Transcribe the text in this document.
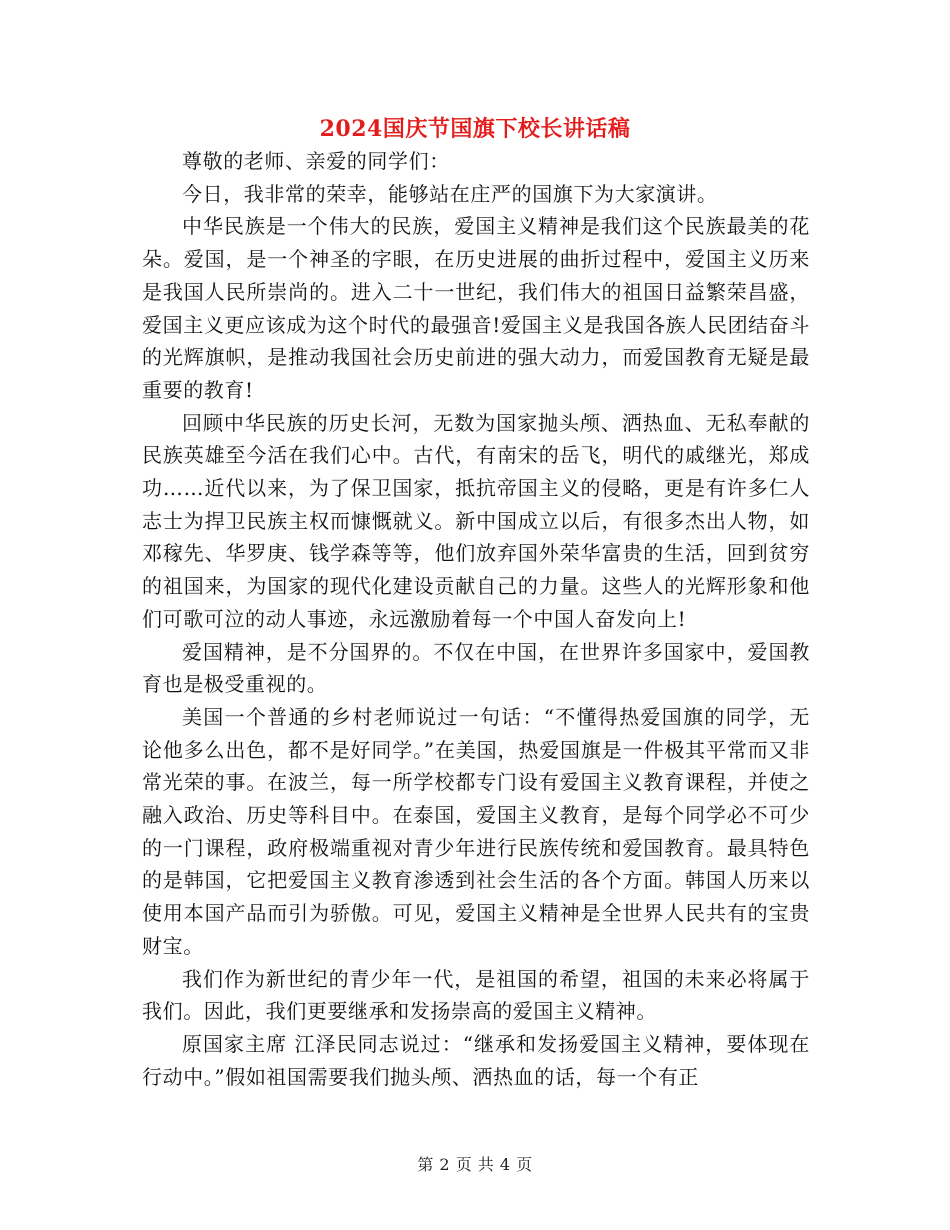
2024国庆节国旗下校长讲话稿

尊敬的老师、亲爱的同学们：

今日，我非常的荣幸，能够站在庄严的国旗下为大家演讲。

中华民族是一个伟大的民族，爱国主义精神是我们这个民族最美的花朵。爱国，是一个神圣的字眼，在历史进展的曲折过程中，爱国主义历来是我国人民所崇尚的。进入二十一世纪，我们伟大的祖国日益繁荣昌盛，爱国主义更应该成为这个时代的最强音!爱国主义是我国各族人民团结奋斗的光辉旗帜，是推动我国社会历史前进的强大动力，而爱国教育无疑是最重要的教育!

回顾中华民族的历史长河，无数为国家抛头颅、洒热血、无私奉献的民族英雄至今活在我们心中。古代，有南宋的岳飞，明代的戚继光，郑成功……近代以来，为了保卫国家，抵抗帝国主义的侵略，更是有许多仁人志士为捍卫民族主权而慷慨就义。新中国成立以后，有很多杰出人物，如邓稼先、华罗庚、钱学森等等，他们放弃国外荣华富贵的生活，回到贫穷的祖国来，为国家的现代化建设贡献自己的力量。这些人的光辉形象和他们可歌可泣的动人事迹，永远激励着每一个中国人奋发向上!

爱国精神，是不分国界的。不仅在中国，在世界许多国家中，爱国教育也是极受重视的。

美国一个普通的乡村老师说过一句话：“不懂得热爱国旗的同学，无论他多么出色，都不是好同学。”在美国，热爱国旗是一件极其平常而又非常光荣的事。在波兰，每一所学校都专门设有爱国主义教育课程，并使之融入政治、历史等科目中。在泰国，爱国主义教育，是每个同学必不可少的一门课程，政府极端重视对青少年进行民族传统和爱国教育。最具特色的是韩国，它把爱国主义教育渗透到社会生活的各个方面。韩国人历来以使用本国产品而引为骄傲。可见，爱国主义精神是全世界人民共有的宝贵财宝。

我们作为新世纪的青少年一代，是祖国的希望，祖国的未来必将属于我们。因此，我们更要继承和发扬崇高的爱国主义精神。

原国家主席 江泽民同志说过：“继承和发扬爱国主义精神，要体现在行动中。”假如祖国需要我们抛头颅、洒热血的话，每一个有正

第 2 页 共 4 页
